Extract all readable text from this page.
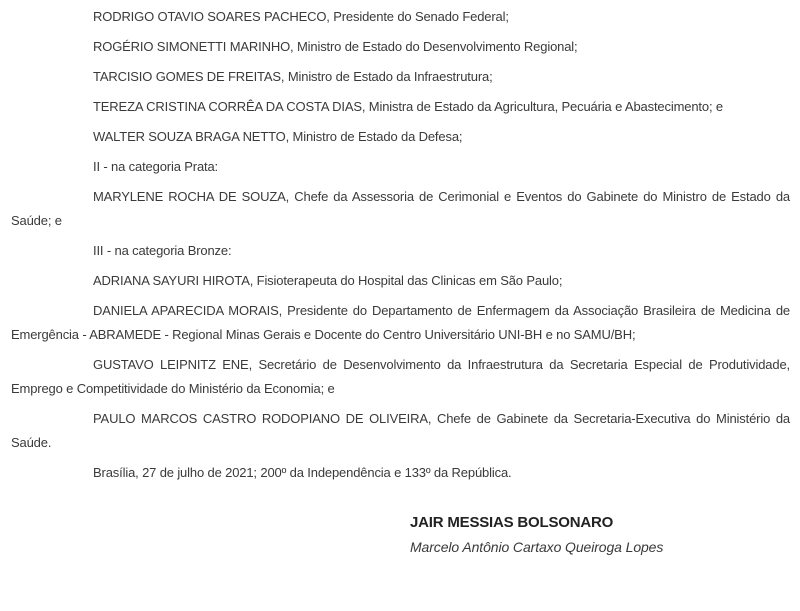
RODRIGO OTAVIO SOARES PACHECO, Presidente do Senado Federal;

ROGÉRIO SIMONETTI MARINHO, Ministro de Estado do Desenvolvimento Regional;

TARCISIO GOMES DE FREITAS, Ministro de Estado da Infraestrutura;

TEREZA CRISTINA CORRÊA DA COSTA DIAS, Ministra de Estado da Agricultura, Pecuária e Abastecimento; e

WALTER SOUZA BRAGA NETTO, Ministro de Estado da Defesa;

II - na categoria Prata:

MARYLENE ROCHA DE SOUZA, Chefe da Assessoria de Cerimonial e Eventos do Gabinete do Ministro de Estado da Saúde; e

III - na categoria Bronze:

ADRIANA SAYURI HIROTA, Fisioterapeuta do Hospital das Clinicas em São Paulo;

DANIELA APARECIDA MORAIS, Presidente do Departamento de Enfermagem da Associação Brasileira de Medicina de Emergência - ABRAMEDE - Regional Minas Gerais e Docente do Centro Universitário UNI-BH e no SAMU/BH;

GUSTAVO LEIPNITZ ENE, Secretário de Desenvolvimento da Infraestrutura da Secretaria Especial de Produtividade, Emprego e Competitividade do Ministério da Economia; e

PAULO MARCOS CASTRO RODOPIANO DE OLIVEIRA, Chefe de Gabinete da Secretaria-Executiva do Ministério da Saúde.

Brasília, 27 de julho de 2021; 200º da Independência e 133º da República.

JAIR MESSIAS BOLSONARO

Marcelo Antônio Cartaxo Queiroga Lopes
